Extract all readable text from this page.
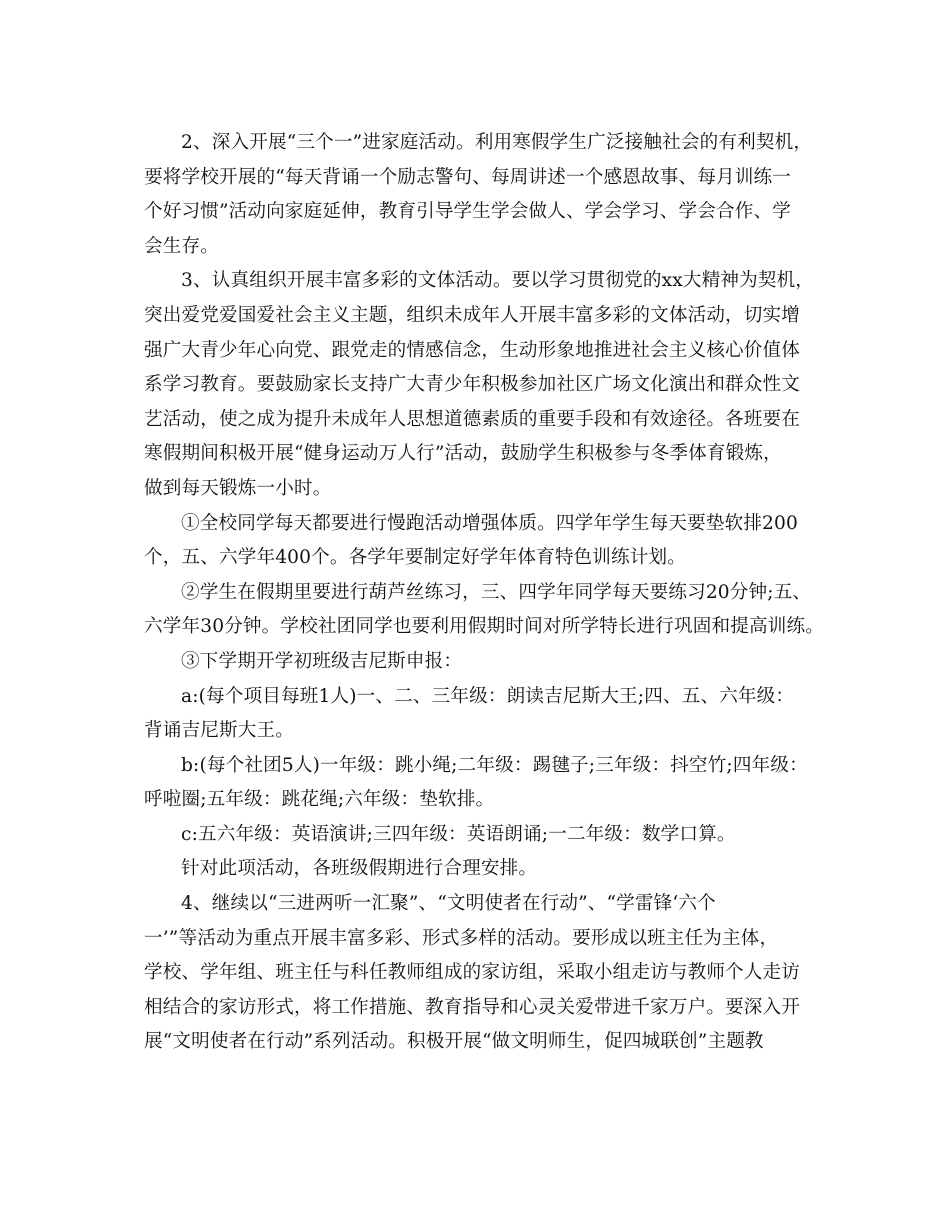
2、深入开展“三个一”进家庭活动。利用寒假学生广泛接触社会的有利契机，
要将学校开展的“每天背诵一个励志警句、每周讲述一个感恩故事、每月训练一
个好习惯”活动向家庭延伸，教育引导学生学会做人、学会学习、学会合作、学
会生存。
3、认真组织开展丰富多彩的文体活动。要以学习贯彻党的xx大精神为契机，
突出爱党爱国爱社会主义主题，组织未成年人开展丰富多彩的文体活动，切实增
强广大青少年心向党、跟党走的情感信念，生动形象地推进社会主义核心价值体
系学习教育。要鼓励家长支持广大青少年积极参加社区广场文化演出和群众性文
艺活动，使之成为提升未成年人思想道德素质的重要手段和有效途径。各班要在
寒假期间积极开展“健身运动万人行”活动，鼓励学生积极参与冬季体育锻炼，
做到每天锻炼一小时。
①全校同学每天都要进行慢跑活动增强体质。四学年学生每天要垫软排200
个，五、六学年400个。各学年要制定好学年体育特色训练计划。
②学生在假期里要进行葫芦丝练习，三、四学年同学每天要练习20分钟;五、
六学年30分钟。学校社团同学也要利用假期时间对所学特长进行巩固和提高训练。
③下学期开学初班级吉尼斯申报：
a:(每个项目每班1人)一、二、三年级：朗读吉尼斯大王;四、五、六年级：
背诵吉尼斯大王。
b:(每个社团5人)一年级：跳小绳;二年级：踢毽子;三年级：抖空竹;四年级：
呼啦圈;五年级：跳花绳;六年级：垫软排。
c:五六年级：英语演讲;三四年级：英语朗诵;一二年级：数学口算。
针对此项活动，各班级假期进行合理安排。
4、继续以“三进两听一汇聚”、“文明使者在行动”、“学雷锋‘六个
一’”等活动为重点开展丰富多彩、形式多样的活动。要形成以班主任为主体，
学校、学年组、班主任与科任教师组成的家访组，采取小组走访与教师个人走访
相结合的家访形式，将工作措施、教育指导和心灵关爱带进千家万户。要深入开
展“文明使者在行动”系列活动。积极开展“做文明师生，促四城联创”主题教
